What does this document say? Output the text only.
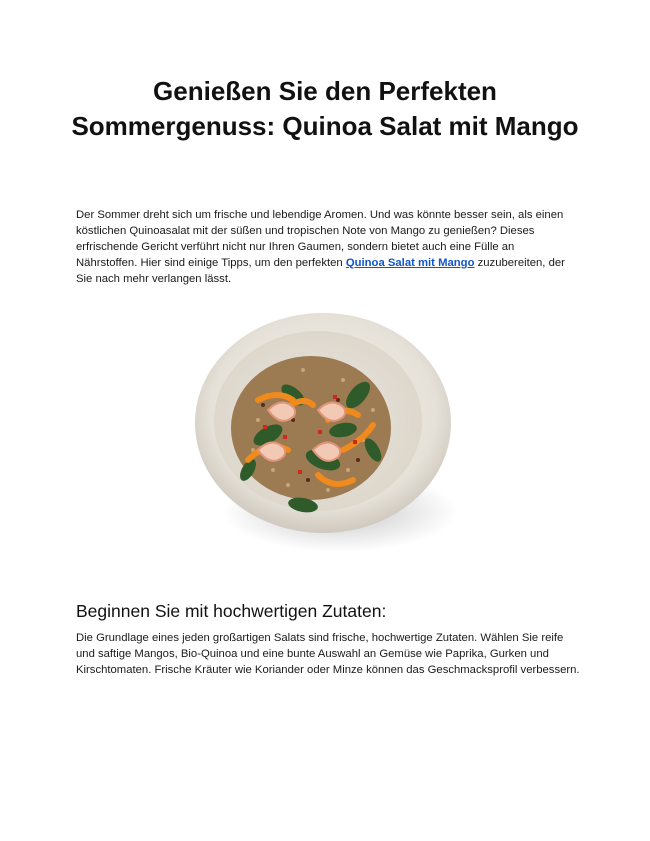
Genießen Sie den Perfekten Sommergenuss: Quinoa Salat mit Mango

Der Sommer dreht sich um frische und lebendige Aromen. Und was könnte besser sein, als einen köstlichen Quinoasalat mit der süßen und tropischen Note von Mango zu genießen? Dieses erfrischende Gericht verführt nicht nur Ihren Gaumen, sondern bietet auch eine Fülle an Nährstoffen. Hier sind einige Tipps, um den perfekten Quinoa Salat mit Mango zuzubereiten, der Sie nach mehr verlangen lässt.

Beginnen Sie mit hochwertigen Zutaten:

Die Grundlage eines jeden großartigen Salats sind frische, hochwertige Zutaten. Wählen Sie reife und saftige Mangos, Bio-Quinoa und eine bunte Auswahl an Gemüse wie Paprika, Gurken und Kirschtomaten. Frische Kräuter wie Koriander oder Minze können das Geschmacksprofil verbessern.
